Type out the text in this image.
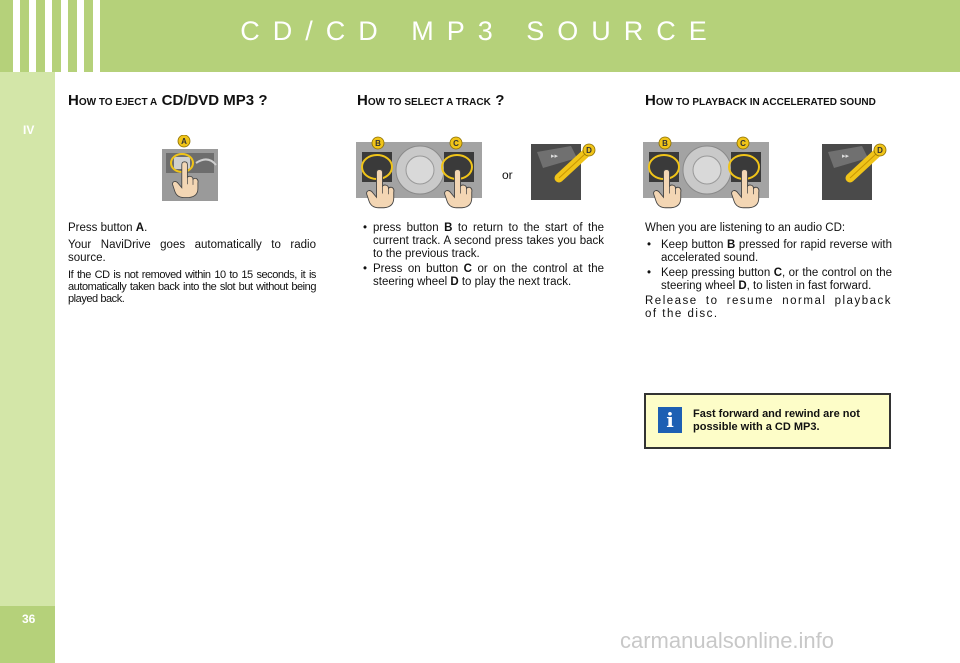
CD/CD MP3 SOURCE
IV
36
HOW TO EJECT A CD/DVD MP3 ?
A

Press button A.

Your NaviDrive goes automatically to radio source.

If the CD is not removed within 10 to 15 seconds, it is automatically taken back into the slot but without being played back.

HOW TO SELECT A TRACK ?
B	C
or
▸▸
D
• press button B to return to the start of the current track. A second press takes you back to the previous track.
• Press on button C or on the control at the steering wheel D to play the next track.
HOW TO PLAYBACK IN ACCELERATED SOUND
B	C
▸▸
D

When you are listening to an audio CD:

• Keep button B pressed for rapid reverse with accelerated sound.
• Keep pressing button C, or the control on the steering wheel D, to listen in fast forward.

Release to resume normal playback of the disc.

i	Fast forward and rewind are not possible with a CD MP3.
carmanualsonline.info
